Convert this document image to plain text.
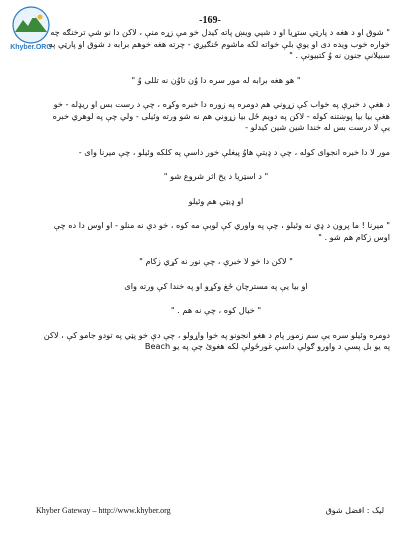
Khyber.ORG
-169-

" شوق او د هغه د پارټي ستړيا او د شپي ويښ پاته کيدل خو مې زړه منې ، لاکن دا نو شي ترخنګه چه خواره خوب ويده دی او يوې بلې خواته لکه ماشوم ځنګيږي - چرته هغه خوهم برابه د شوق او پارټي په سبيلانې جنون نه وُ کتبيونې . "

" هو هغه برابه له مور سره دا وُن تاوُن نه تللی وُ "

د هغې د خبرې په خواب کې زړوني هم دومره په زوره دا خبره وکړه ، چې د رست بس او ريډله - خو هغې بيا بيا پوښتنه کوله - لاکن په دويم ځل بيا زړوني هم نه شو ورته وئيلی - ولي چې په لوهري خبره يې لا درست بس له خندا شين شين کيدلو -

مور لا دا خبره انجوای کوله ، چې د ډيتې هاوُ پيغلې خور داسې په کلکه وئيلو ، چې ميرنا وای -

" د اسټريا د يخ اثر شروع شو "

او ډيټي هم وئيلو

" ميرنا ! ما پرون د ډي نه وئيلو ، چې په واوري کې لوبې مه کوه ، خو دې نه منلو - او اوس دا ده چې اوس زکام هم شو . "

" لاکن دا خو لا خبرې ، چې نور نه کړي زکام "

او بيا يې په مسترچان ځغ وکړو او په خندا کې ورته وای

" خيال کوه ، چې نه هم . "

دومره وئيلو سره يې سم زمور پام د هغو انجونو په خوا واړولو ، چې دې خو پټي په تودو جامو کې ، لاکن په يو بل پسې د واورو ګولې داسې غورځولې لکه هغوئ چې په يو Beach

Khyber Gateway – http://www.khyber.org	ليک : افضل شوق
